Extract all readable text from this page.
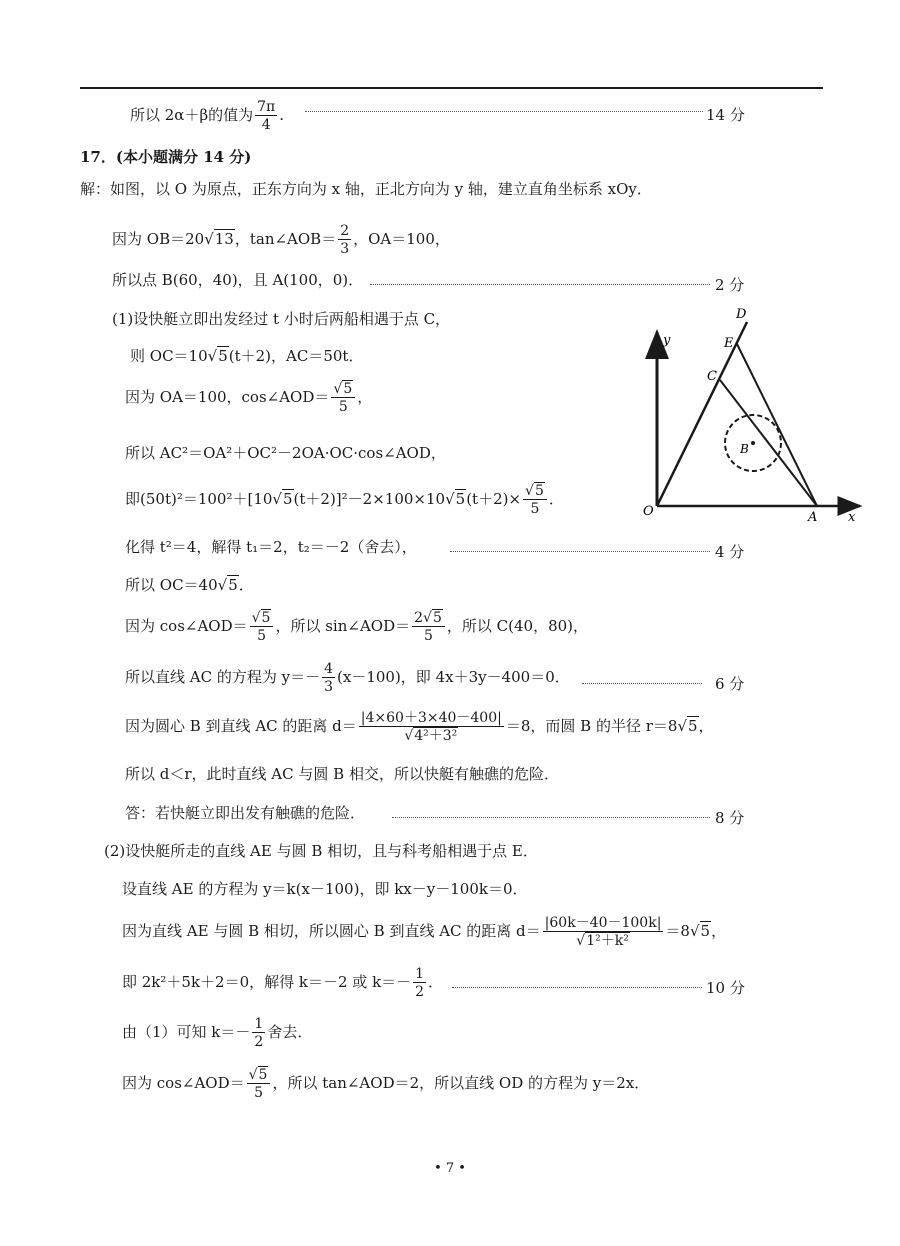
所以 2α＋β的值为 $\frac{7\pi}{4}$ .	14 分
17．(本小题满分 14 分)
解：如图，以 O 为原点，正东方向为 x 轴，正北方向为 y 轴，建立直角坐标系 xOy．
因为 OB＝20√13，tan∠AOB＝ $\frac{2}{3}$ ，OA＝100，
所以点 B(60，40)，且 A(100，0)．	2 分
(1)设快艇立即出发经过 t 小时后两船相遇于点 C，
则 OC＝10√5(t＋2)，AC＝50t．
因为 OA＝100，cos∠AOD＝ $\frac{√5}{5}$ ，
所以 AC²＝OA²＋OC²－2OA·OC·cos∠AOD，
即$(50t)^2=100^2+[10√5(t+2)]^2-2\times 100\times 10√5(t+2)\times \frac{√5}{5}$ ．
化得 t²＝4，解得 t₁＝2，t₂＝－2（舍去），	4 分
所以 OC＝40√5．
因为 cos∠AOD＝ $\frac{√5}{5}$ ，所以 sin∠AOD＝ $\frac{2√5}{5}$ ，所以 C(40，80)，
所以直线 AC 的方程为 $y=- \frac{4}{3} (x-100)$，即 4x＋3y－400＝0．	6 分
因为圆心 B 到直线 AC 的距离 $d= \frac{|4\times 60+3\times 40-400|}{\text{√4²＋3²}} =8$，而圆 B 的半径 r＝8√5，
所以 d＜r，此时直线 AC 与圆 B 相交，所以快艇有触礁的危险．
答：若快艇立即出发有触礁的危险．	8 分
(2)设快艇所走的直线 AE 与圆 B 相切，且与科考船相遇于点 E．
设直线 AE 的方程为 y＝k(x－100)，即 kx－y－100k＝0．
因为直线 AE 与圆 B 相切，所以圆心 B 到直线 AC 的距离 $d= \frac{|60k-40-100k|}{\text{√1²＋k²}} =8√5$，
即 2k²＋5k＋2＝0，解得 k＝－2 或 $k=- \frac{1}{2}$ ．	10 分
由（1）可知 $k=- \frac{1}{2}$ 舍去．
因为 cos∠AOD＝ $\frac{√5}{5}$ ，所以 tan∠AOD＝2，所以直线 OD 的方程为 y＝2x．
D
E
C
B
O	A x
y
• 7 •
